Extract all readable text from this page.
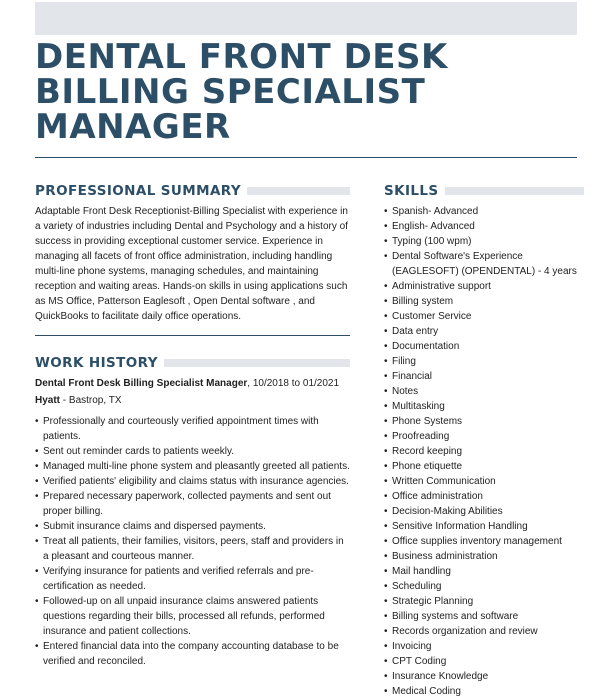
DENTAL FRONT DESK
BILLING SPECIALIST
MANAGER
PROFESSIONAL SUMMARY

Adaptable Front Desk Receptionist-Billing Specialist with experience in a variety of industries including Dental and Psychology and a history of success in providing exceptional customer service. Experience in managing all facets of front office administration, including handling multi-line phone systems, managing schedules, and maintaining reception and waiting areas. Hands-on skills in using applications such as MS Office, Patterson Eaglesoft , Open Dental software , and QuickBooks to facilitate daily office operations.

WORK HISTORY
Dental Front Desk Billing Specialist Manager, 10/2018 to 01/2021
Hyatt - Bastrop, TX
• Professionally and courteously verified appointment times with patients.
• Sent out reminder cards to patients weekly.
• Managed multi-line phone system and pleasantly greeted all patients.
• Verified patients' eligibility and claims status with insurance agencies.
• Prepared necessary paperwork, collected payments and sent out proper billing.
• Submit insurance claims and dispersed payments.
• Treat all patients, their families, visitors, peers, staff and providers in a pleasant and courteous manner.
• Verifying insurance for patients and verified referrals and pre-certification as needed.
• Followed-up on all unpaid insurance claims answered patients questions regarding their bills, processed all refunds, performed insurance and patient collections.
• Entered financial data into the company accounting database to be verified and reconciled.
SKILLS
• Spanish- Advanced
• English- Advanced
• Typing (100 wpm)
• Dental Software's Experience (EAGLESOFT) (OPENDENTAL) - 4 years
• Administrative support
• Billing system
• Customer Service
• Data entry
• Documentation
• Filing
• Financial
• Notes
• Multitasking
• Phone Systems
• Proofreading
• Record keeping
• Phone etiquette
• Written Communication
• Office administration
• Decision-Making Abilities
• Sensitive Information Handling
• Office supplies inventory management
• Business administration
• Mail handling
• Scheduling
• Strategic Planning
• Billing systems and software
• Records organization and review
• Invoicing
• CPT Coding
• Insurance Knowledge
• Medical Coding
